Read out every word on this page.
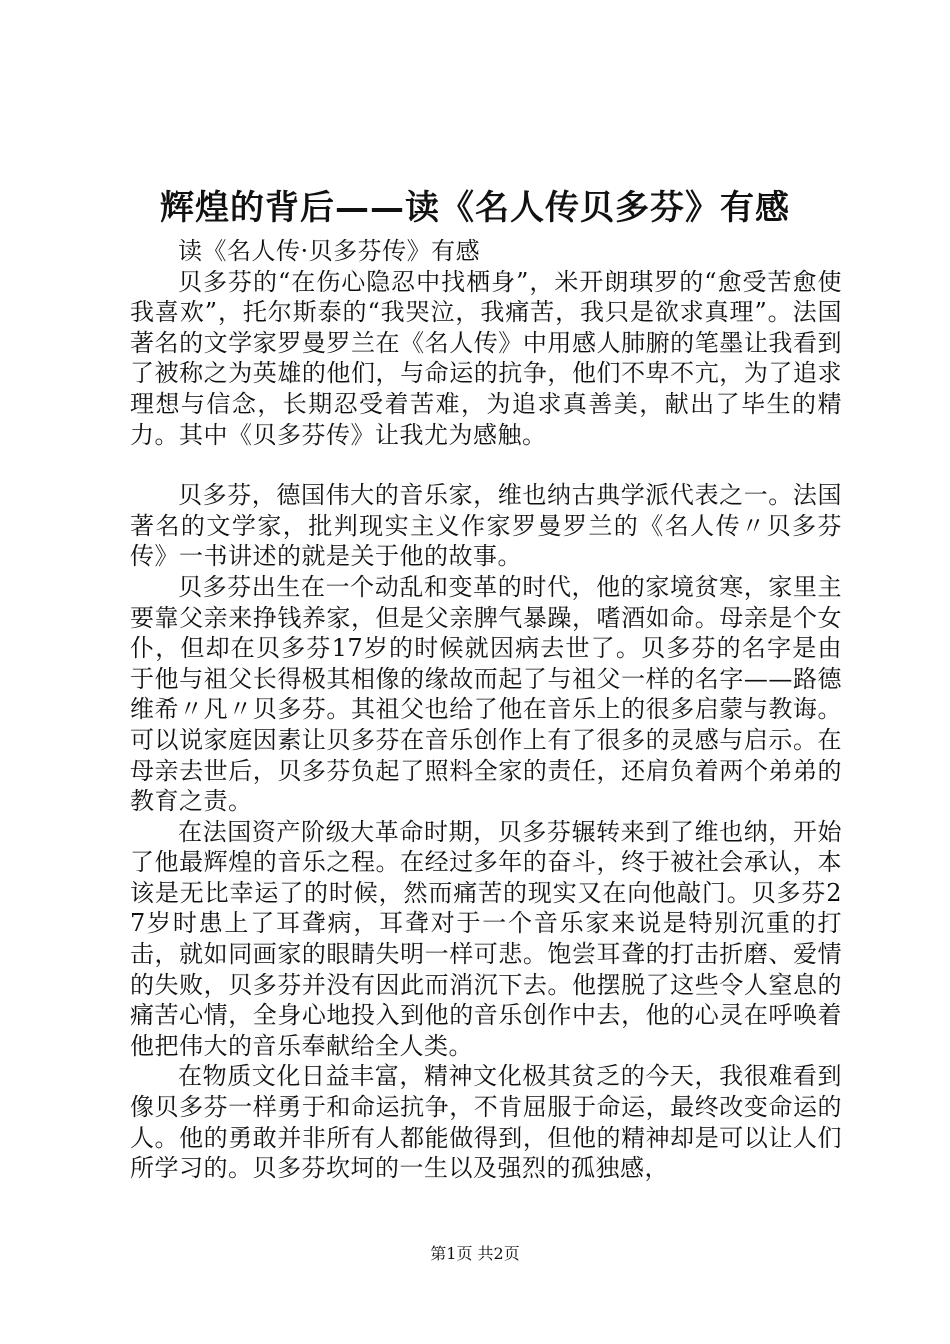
辉煌的背后——读《名人传贝多芬》有感

读《名人传·贝多芬传》有感

贝多芬的“在伤心隐忍中找栖身”，米开朗琪罗的“愈受苦愈使我喜欢”，托尔斯泰的“我哭泣，我痛苦，我只是欲求真理”。法国著名的文学家罗曼罗兰在《名人传》中用感人肺腑的笔墨让我看到了被称之为英雄的他们，与命运的抗争，他们不卑不亢，为了追求理想与信念，长期忍受着苦难，为追求真善美，献出了毕生的精力。其中《贝多芬传》让我尤为感触。

贝多芬，德国伟大的音乐家，维也纳古典学派代表之一。法国著名的文学家，批判现实主义作家罗曼罗兰的《名人传〃贝多芬传》一书讲述的就是关于他的故事。

贝多芬出生在一个动乱和变革的时代，他的家境贫寒，家里主要靠父亲来挣钱养家，但是父亲脾气暴躁，嗜酒如命。母亲是个女仆，但却在贝多芬17岁的时候就因病去世了。贝多芬的名字是由于他与祖父长得极其相像的缘故而起了与祖父一样的名字——路德维希〃凡〃贝多芬。其祖父也给了他在音乐上的很多启蒙与教诲。可以说家庭因素让贝多芬在音乐创作上有了很多的灵感与启示。在母亲去世后，贝多芬负起了照料全家的责任，还肩负着两个弟弟的教育之责。

在法国资产阶级大革命时期，贝多芬辗转来到了维也纳，开始了他最辉煌的音乐之程。在经过多年的奋斗，终于被社会承认，本该是无比幸运了的时候，然而痛苦的现实又在向他敲门。贝多芬27岁时患上了耳聋病，耳聋对于一个音乐家来说是特别沉重的打击，就如同画家的眼睛失明一样可悲。饱尝耳聋的打击折磨、爱情的失败，贝多芬并没有因此而消沉下去。他摆脱了这些令人窒息的痛苦心情，全身心地投入到他的音乐创作中去，他的心灵在呼唤着他把伟大的音乐奉献给全人类。

在物质文化日益丰富，精神文化极其贫乏的今天，我很难看到像贝多芬一样勇于和命运抗争，不肯屈服于命运，最终改变命运的人。他的勇敢并非所有人都能做得到，但他的精神却是可以让人们所学习的。贝多芬坎坷的一生以及强烈的孤独感，

第1页 共2页
